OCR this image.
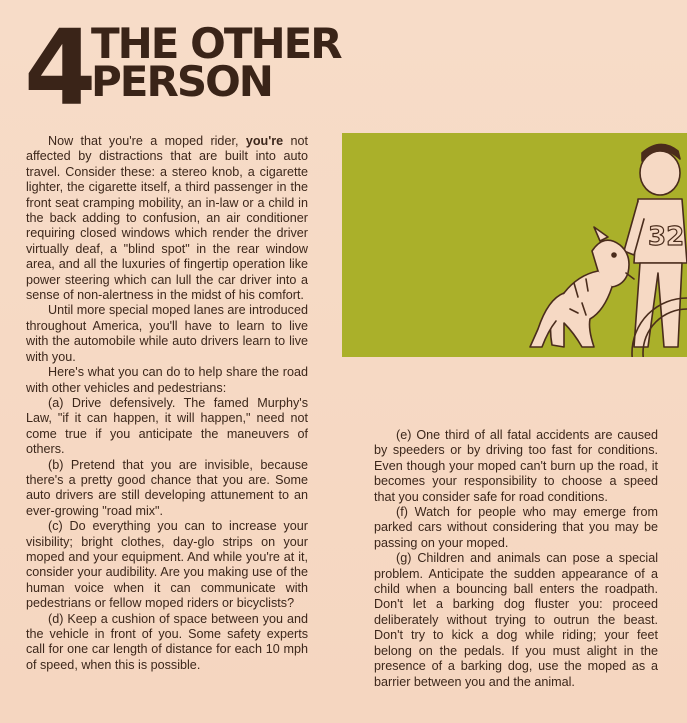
4
THE OTHER
PERSON

Now that you're a moped rider, you're not affected by distractions that are built into auto travel. Consider these: a stereo knob, a cigarette lighter, the cigarette itself, a third passenger in the front seat cramping mobility, an in-law or a child in the back adding to confusion, an air conditioner requiring closed windows which render the driver virtually deaf, a "blind spot" in the rear window area, and all the luxuries of fingertip operation like power steering which can lull the car driver into a sense of non-alertness in the midst of his comfort.

Until more special moped lanes are introduced throughout America, you'll have to learn to live with the automobile while auto drivers learn to live with you.

Here's what you can do to help share the road with other vehicles and pedestrians:

(a) Drive defensively. The famed Murphy's Law, "if it can happen, it will happen," need not come true if you anticipate the maneuvers of others.

(b) Pretend that you are invisible, because there's a pretty good chance that you are. Some auto drivers are still developing attunement to an ever-growing "road mix".

(c) Do everything you can to increase your visibility; bright clothes, day-glo strips on your moped and your equipment. And while you're at it, consider your audibility. Are you making use of the human voice when it can communicate with pedestrians or fellow moped riders or bicyclists?

(d) Keep a cushion of space between you and the vehicle in front of you. Some safety experts call for one car length of distance for each 10 mph of speed, when this is possible.

32

(e) One third of all fatal accidents are caused by speeders or by driving too fast for conditions. Even though your moped can't burn up the road, it becomes your responsibility to choose a speed that you consider safe for road conditions.

(f) Watch for people who may emerge from parked cars without considering that you may be passing on your moped.

(g) Children and animals can pose a special problem. Anticipate the sudden appearance of a child when a bouncing ball enters the roadpath. Don't let a barking dog fluster you: proceed deliberately without trying to outrun the beast. Don't try to kick a dog while riding; your feet belong on the pedals. If you must alight in the presence of a barking dog, use the moped as a barrier between you and the animal.
